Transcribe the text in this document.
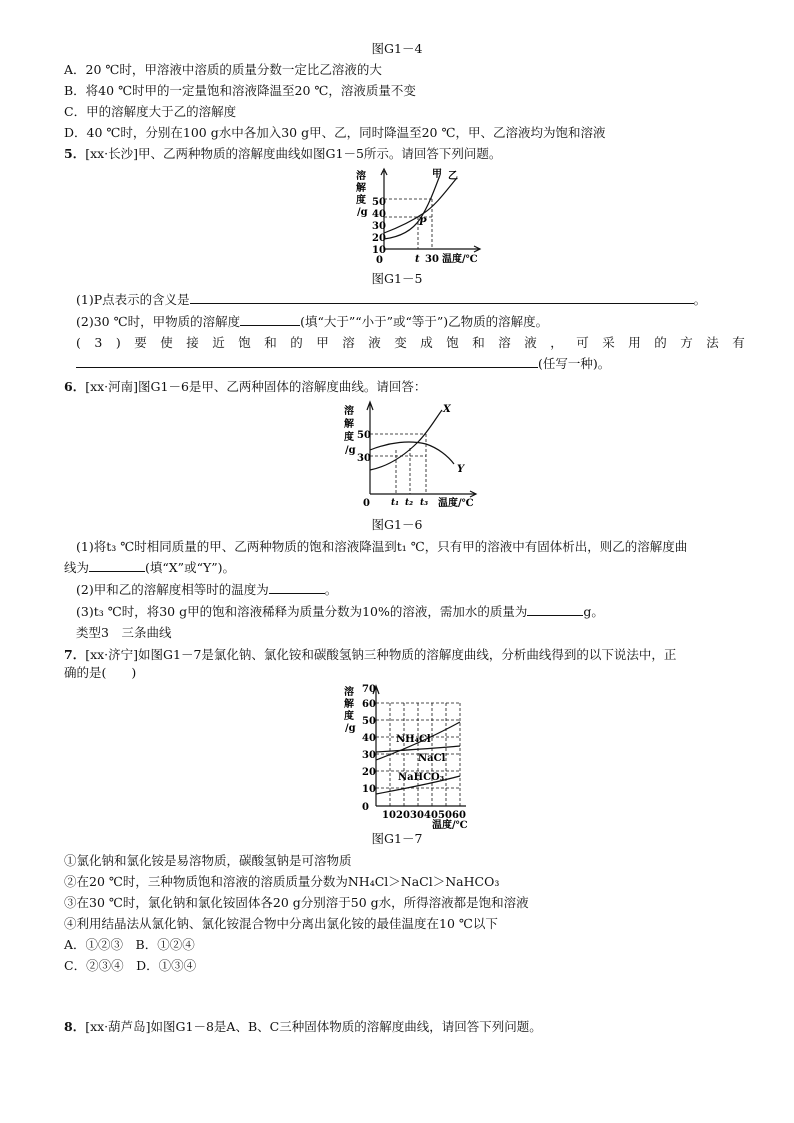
图G1－4
A．20 ℃时，甲溶液中溶质的质量分数一定比乙溶液的大
B．将40 ℃时甲的一定量饱和溶液降温至20 ℃，溶液质量不变
C．甲的溶解度大于乙的溶解度
D．40 ℃时，分别在100 g水中各加入30 g甲、乙，同时降温至20 ℃，甲、乙溶液均为饱和溶液
5．[xx·长沙]甲、乙两种物质的溶解度曲线如图G1－5所示。请回答下列问题。
溶
解
度
/g
10
20
30
40
50
0
甲 乙
P
t 30 温度/℃
图G1－5
(1)P点表示的含义是	。
(2)30 ℃时，甲物质的溶解度	(填“大于”“小于”或“等于”)乙物质的溶解度。
(3)要使接近饱和的甲溶液变成饱和溶液，可采用的方法有
(任写一种)。
6．[xx·河南]图G1－6是甲、乙两种固体的溶解度曲线。请回答：
溶
解
度
/g
30
50
0
X
Y
t₁ t₂ t₃ 温度/℃
图G1－6
(1)将t₃ ℃时相同质量的甲、乙两种物质的饱和溶液降温到t₁ ℃，只有甲的溶液中有固体析出，则乙的溶解度曲
线为	(填“X”或“Y”)。
(2)甲和乙的溶解度相等时的温度为	。
(3)t₃ ℃时，将30 g甲的饱和溶液稀释为质量分数为10%的溶液，需加水的质量为	g。
类型3　三条曲线
7．[xx·济宁]如图G1－7是氯化钠、氯化铵和碳酸氢钠三种物质的溶解度曲线，分析曲线得到的以下说法中，正
确的是(　　)
溶
解
度
/g
0
10
20
30
40
50
60
70
NH₄Cl
NaCl
NaHCO₃
10 20 30 40 50 60
温度/℃
图G1－7
①氯化钠和氯化铵是易溶物质，碳酸氢钠是可溶物质
②在20 ℃时，三种物质饱和溶液的溶质质量分数为NH₄Cl＞NaCl＞NaHCO₃
③在30 ℃时，氯化钠和氯化铵固体各20 g分别溶于50 g水，所得溶液都是饱和溶液
④利用结晶法从氯化钠、氯化铵混合物中分离出氯化铵的最佳温度在10 ℃以下
A．①②③　B．①②④
C．②③④　D．①③④
8．[xx·葫芦岛]如图G1－8是A、B、C三种固体物质的溶解度曲线，请回答下列问题。
